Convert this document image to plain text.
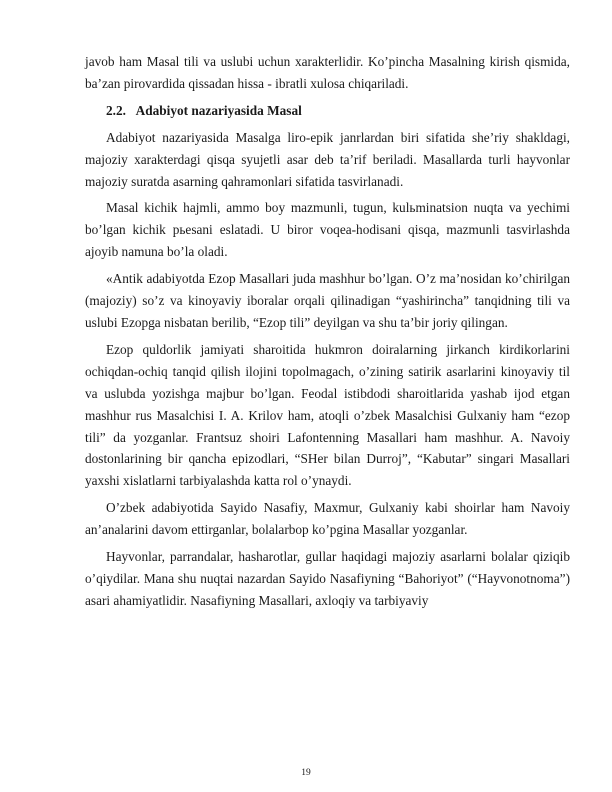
javob ham Masal tili va uslubi uchun xarakterlidir. Ko’pincha Masalning kirish qismida, ba’zan pirovardida qissadan hissa - ibratli xulosa chiqariladi.

2.2. Adabiyot nazariyasida Masal

Adabiyot nazariyasida Masalga liro-epik janrlardan biri sifatida she’riy shakldagi, majoziy xarakterdagi qisqa syujetli asar deb ta’rif beriladi. Masallarda turli hayvonlar majoziy suratda asarning qahramonlari sifatida tasvirlanadi.

Masal kichik hajmli, ammo boy mazmunli, tugun, kulьminatsion nuqta va yechimi bo’lgan kichik pьesani eslatadi. U biror voqea-hodisani qisqa, mazmunli tasvirlashda ajoyib namuna bo’la oladi.

«Antik adabiyotda Ezop Masallari juda mashhur bo’lgan. O’z ma’nosidan ko’chirilgan (majoziy) so’z va kinoyaviy iboralar orqali qilinadigan “yashirincha” tanqidning tili va uslubi Ezopga nisbatan berilib, “Ezop tili” deyilgan va shu ta’bir joriy qilingan.

Ezop quldorlik jamiyati sharoitida hukmron doiralarning jirkanch kirdikorlarini ochiqdan-ochiq tanqid qilish ilojini topolmagach, o’zining satirik asarlarini kinoyaviy til va uslubda yozishga majbur bo’lgan. Feodal istibdodi sharoitlarida yashab ijod etgan mashhur rus Masalchisi I. A. Krilov ham, atoqli o’zbek Masalchisi Gulxaniy ham “ezop tili” da yozganlar. Frantsuz shoiri Lafontenning Masallari ham mashhur. A. Navoiy dostonlarining bir qancha epizodlari, “SHer bilan Durroj”, “Kabutar” singari Masallari yaxshi xislatlarni tarbiyalashda katta rol o’ynaydi.

O’zbek adabiyotida Sayido Nasafiy, Maxmur, Gulxaniy kabi shoirlar ham Navoiy an’analarini davom ettirganlar, bolalarbop ko’pgina Masallar yozganlar.

Hayvonlar, parrandalar, hasharotlar, gullar haqidagi majoziy asarlarni bolalar qiziqib o’qiydilar. Mana shu nuqtai nazardan Sayido Nasafiyning “Bahoriyot” (“Hayvonotnoma”) asari ahamiyatlidir. Nasafiyning Masallari, axloqiy va tarbiyaviy

19
